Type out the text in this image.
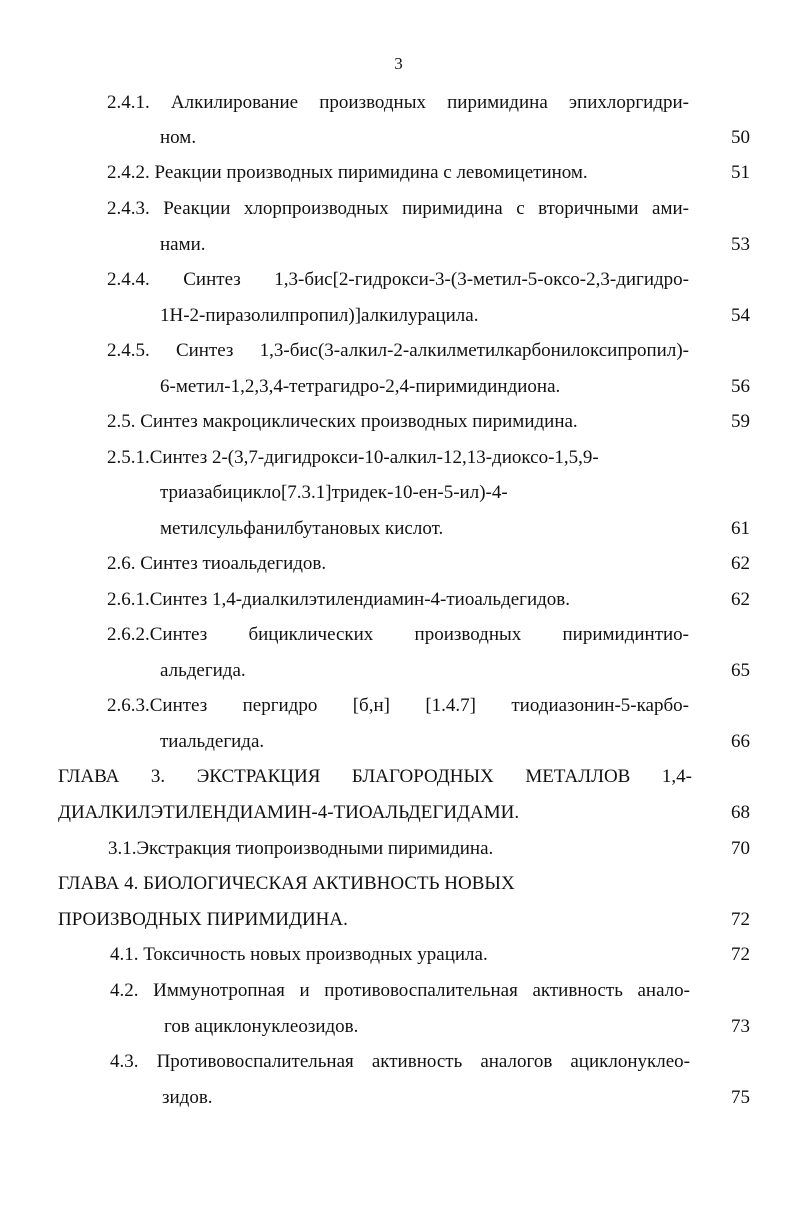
3
2.4.1. Алкилирование производных пиримидина эпихлоргидри-
ном.	50
2.4.2. Реакции производных пиримидина с левомицетином.	51
2.4.3. Реакции хлорпроизводных пиримидина с вторичными ами-
нами.	53
2.4.4. Синтез 1,3-бис[2-гидрокси-3-(3-метил-5-оксо-2,3-дигидро-
1Н-2-пиразолилпропил)]алкилурацила.	54
2.4.5. Синтез 1,3-бис(3-алкил-2-алкилметилкарбонилоксипропил)-
6-метил-1,2,3,4-тетрагидро-2,4-пиримидиндиона.	56
2.5. Синтез макроциклических производных пиримидина.	59
2.5.1.Синтез 2-(3,7-дигидрокси-10-алкил-12,13-диоксо-1,5,9-
триазабицикло[7.3.1]тридек-10-ен-5-ил)-4-
метилсульфанилбутановых кислот.	61
2.6. Синтез тиоальдегидов.	62
2.6.1.Синтез 1,4-диалкилэтилендиамин-4-тиоальдегидов.	62
2.6.2.Синтез бициклических производных пиримидинтио-
альдегида.	65
2.6.3.Синтез пергидро [б,н] [1.4.7] тиодиазонин-5-карбо-
тиальдегида.	66
ГЛАВА 3. ЭКСТРАКЦИЯ БЛАГОРОДНЫХ МЕТАЛЛОВ 1,4-
ДИАЛКИЛЭТИЛЕНДИАМИН-4-ТИОАЛЬДЕГИДАМИ.	68
3.1.Экстракция тиопроизводными пиримидина.	70
ГЛАВА 4. БИОЛОГИЧЕСКАЯ АКТИВНОСТЬ НОВЫХ
ПРОИЗВОДНЫХ ПИРИМИДИНА.	72
4.1. Токсичность новых производных урацила.	72
4.2. Иммунотропная и противовоспалительная активность анало-
гов ациклонуклеозидов.	73
4.3. Противовоспалительная активность аналогов ациклонуклео-
зидов.	75
